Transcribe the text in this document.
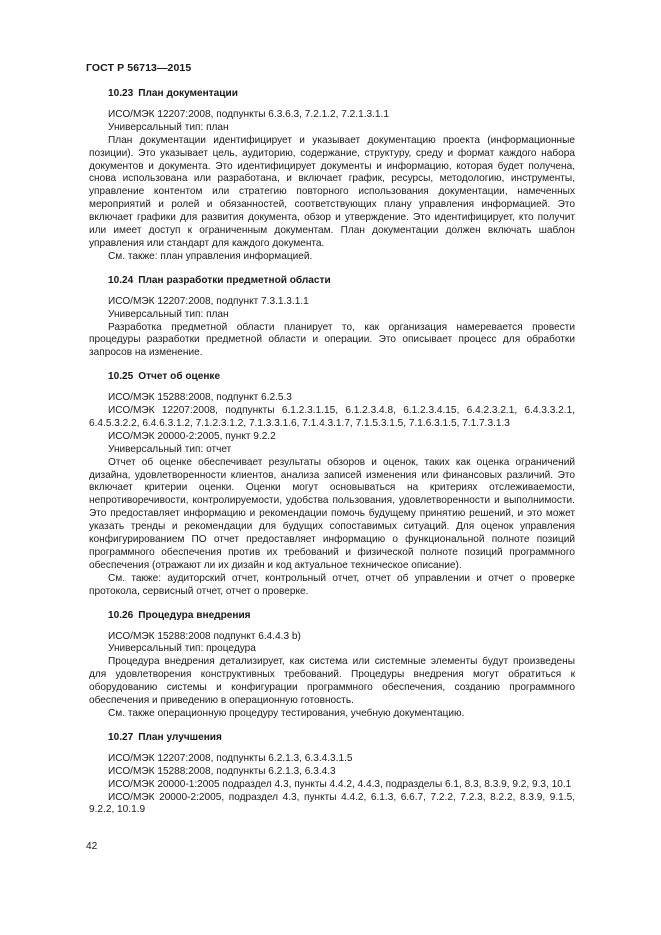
ГОСТ Р 56713—2015
10.23 План документации
ИСО/МЭК 12207:2008, подпункты 6.3.6.3, 7.2.1.2, 7.2.1.3.1.1
Универсальный тип: план

План документации идентифицирует и указывает документацию проекта (информационные позиции). Это указывает цель, аудиторию, содержание, структуру, среду и формат каждого набора документов и документа. Это идентифицирует документы и информацию, которая будет получена, снова использована или разработана, и включает график, ресурсы, методологию, инструменты, управление контентом или стратегию повторного использования документации, намеченных мероприятий и ролей и обязанностей, соответствующих плану управления информацией. Это включает графики для развития документа, обзор и утверждение. Это идентифицирует, кто получит или имеет доступ к ограниченным документам. План документации должен включать шаблон управления или стандарт для каждого документа.

См. также: план управления информацией.

10.24 План разработки предметной области
ИСО/МЭК 12207:2008, подпункт 7.3.1.3.1.1
Универсальный тип: план

Разработка предметной области планирует то, как организация намеревается провести процедуры разработки предметной области и операции. Это описывает процесс для обработки запросов на изменение.

10.25 Отчет об оценке
ИСО/МЭК 15288:2008, подпункт 6.2.5.3

ИСО/МЭК 12207:2008, подпункты 6.1.2.3.1.15, 6.1.2.3.4.8, 6.1.2.3.4.15, 6.4.2.3.2.1, 6.4.3.3.2.1, 6.4.5.3.2.2, 6.4.6.3.1.2, 7.1.2.3.1.2, 7.1.3.3.1.6, 7.1.4.3.1.7, 7.1.5.3.1.5, 7.1.6.3.1.5, 7.1.7.3.1.3

ИСО/МЭК 20000-2:2005, пункт 9.2.2
Универсальный тип: отчет

Отчет об оценке обеспечивает результаты обзоров и оценок, таких как оценка ограничений дизайна, удовлетворенности клиентов, анализа записей изменения или финансовых различий. Это включает критерии оценки. Оценки могут основываться на критериях отслеживаемости, непротиворечивости, контролируемости, удобства пользования, удовлетворенности и выполнимости. Это предоставляет информацию и рекомендации помочь будущему принятию решений, и это может указать тренды и рекомендации для будущих сопоставимых ситуаций. Для оценок управления конфигурированием ПО отчет предоставляет информацию о функциональной полноте позиций программного обеспечения против их требований и физической полноте позиций программного обеспечения (отражают ли их дизайн и код актуальное техническое описание).

См. также: аудиторский отчет, контрольный отчет, отчет об управлении и отчет о проверке протокола, сервисный отчет, отчет о проверке.

10.26 Процедура внедрения
ИСО/МЭК 15288:2008 подпункт 6.4.4.3 b)
Универсальный тип: процедура

Процедура внедрения детализирует, как система или системные элементы будут произведены для удовлетворения конструктивных требований. Процедуры внедрения могут обратиться к оборудованию системы и конфигурации программного обеспечения, созданию программного обеспечения и приведению в операционную готовность.

См. также операционную процедуру тестирования, учебную документацию.

10.27 План улучшения
ИСО/МЭК 12207:2008, подпункты 6.2.1.3, 6.3.4.3.1.5
ИСО/МЭК 15288:2008, подпункты 6.2.1.3, 6.3.4.3
ИСО/МЭК 20000-1:2005 подраздел 4.3, пункты 4.4.2, 4.4.3, подразделы 6.1, 8.3, 8.3.9, 9.2, 9.3, 10.1

ИСО/МЭК 20000-2:2005, подраздел 4.3, пункты 4.4.2, 6.1.3, 6.6.7, 7.2.2, 7.2.3, 8.2.2, 8.3.9, 9.1.5, 9.2.2, 10.1.9

42
